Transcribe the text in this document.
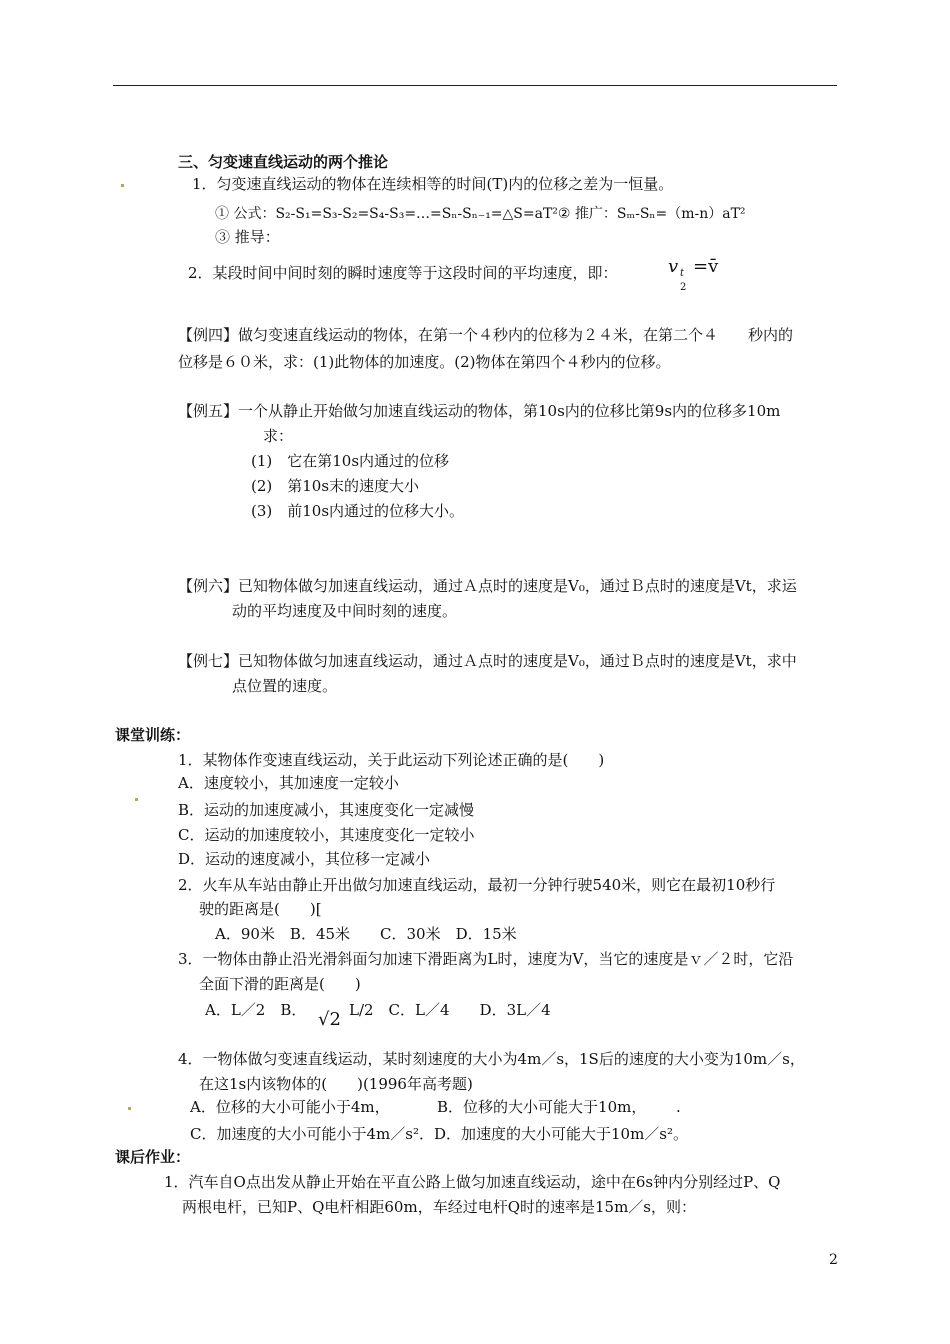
三、匀变速直线运动的两个推论
1．匀变速直线运动的物体在连续相等的时间(T)内的位移之差为一恒量。
① 公式：S₂-S₁=S₃-S₂=S₄-S₃=…=Sₙ-Sₙ₋₁=△S=aT²② 推广：Sₘ-Sₙ=（m-n）aT²
③ 推导：
2．某段时间中间时刻的瞬时速度等于这段时间的平均速度，即：	v t
2
=v̄
【例四】做匀变速直线运动的物体，在第一个４秒内的位移为２４米，在第二个４　　秒内的
位移是６０米，求：(1)此物体的加速度。(2)物体在第四个４秒内的位移。
【例五】一个从静止开始做匀加速直线运动的物体，第10s内的位移比第9s内的位移多10m
求：
(1)　它在第10s内通过的位移
(2)　第10s末的速度大小
(3)　前10s内通过的位移大小。
【例六】已知物体做匀加速直线运动，通过Ａ点时的速度是V₀，通过Ｂ点时的速度是Vt，求运
动的平均速度及中间时刻的速度。
【例七】已知物体做匀加速直线运动，通过Ａ点时的速度是V₀，通过Ｂ点时的速度是Vt，求中
点位置的速度。
课堂训练：
1．某物体作变速直线运动，关于此运动下列论述正确的是(　　)
A．速度较小，其加速度一定较小
B．运动的加速度减小，其速度变化一定减慢
C．运动的加速度较小，其速度变化一定较小
D．运动的速度减小，其位移一定减小
2．火车从车站由静止开出做匀加速直线运动，最初一分钟行驶540米，则它在最初10秒行
驶的距离是(　　)[
A．90米　B．45米　　C．30米　D．15米
3．一物体由静止沿光滑斜面匀加速下滑距离为L时，速度为V，当它的速度是ｖ／２时，它沿
全面下滑的距离是(　　)
A．L／2　B． √2 L/2　C．L／4　　D．3L／4
4．一物体做匀变速直线运动，某时刻速度的大小为4m／s，1S后的速度的大小变为10m／s，
在这1s内该物体的(　　)(1996年高考题)
A．位移的大小可能小于4m，	B．位移的大小可能大于10m， .
C．加速度的大小可能小于4m／s²．D．加速度的大小可能大于10m／s²。
课后作业：
1．汽车自O点出发从静止开始在平直公路上做匀加速直线运动，途中在6s钟内分别经过P、Q
两根电杆，已知P、Q电杆相距60m，车经过电杆Q时的速率是15m／s，则：
2
